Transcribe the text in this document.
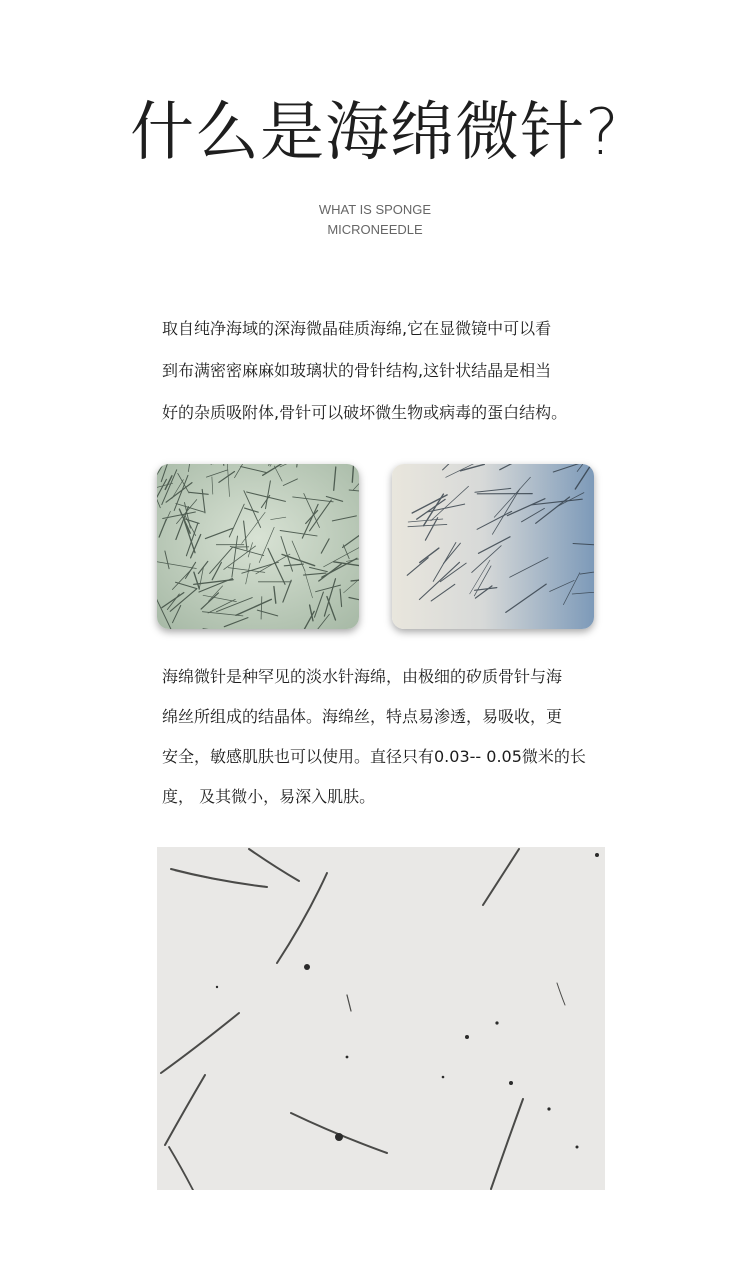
什么是海绵微针?
WHAT IS SPONGE
MICRONEEDLE
取自纯净海域的深海微晶硅质海绵,它在显微镜中可以看
到布满密密麻麻如玻璃状的骨针结构,这针状结晶是相当
好的杂质吸附体,骨针可以破坏微生物或病毒的蛋白结构。
海绵微针是种罕见的淡水针海绵，由极细的矽质骨针与海
绵丝所组成的结晶体。海绵丝，特点易渗透，易吸收，更
安全，敏感肌肤也可以使用。直径只有0.03-- 0.05微米的长
度， 及其微小，易深入肌肤。
